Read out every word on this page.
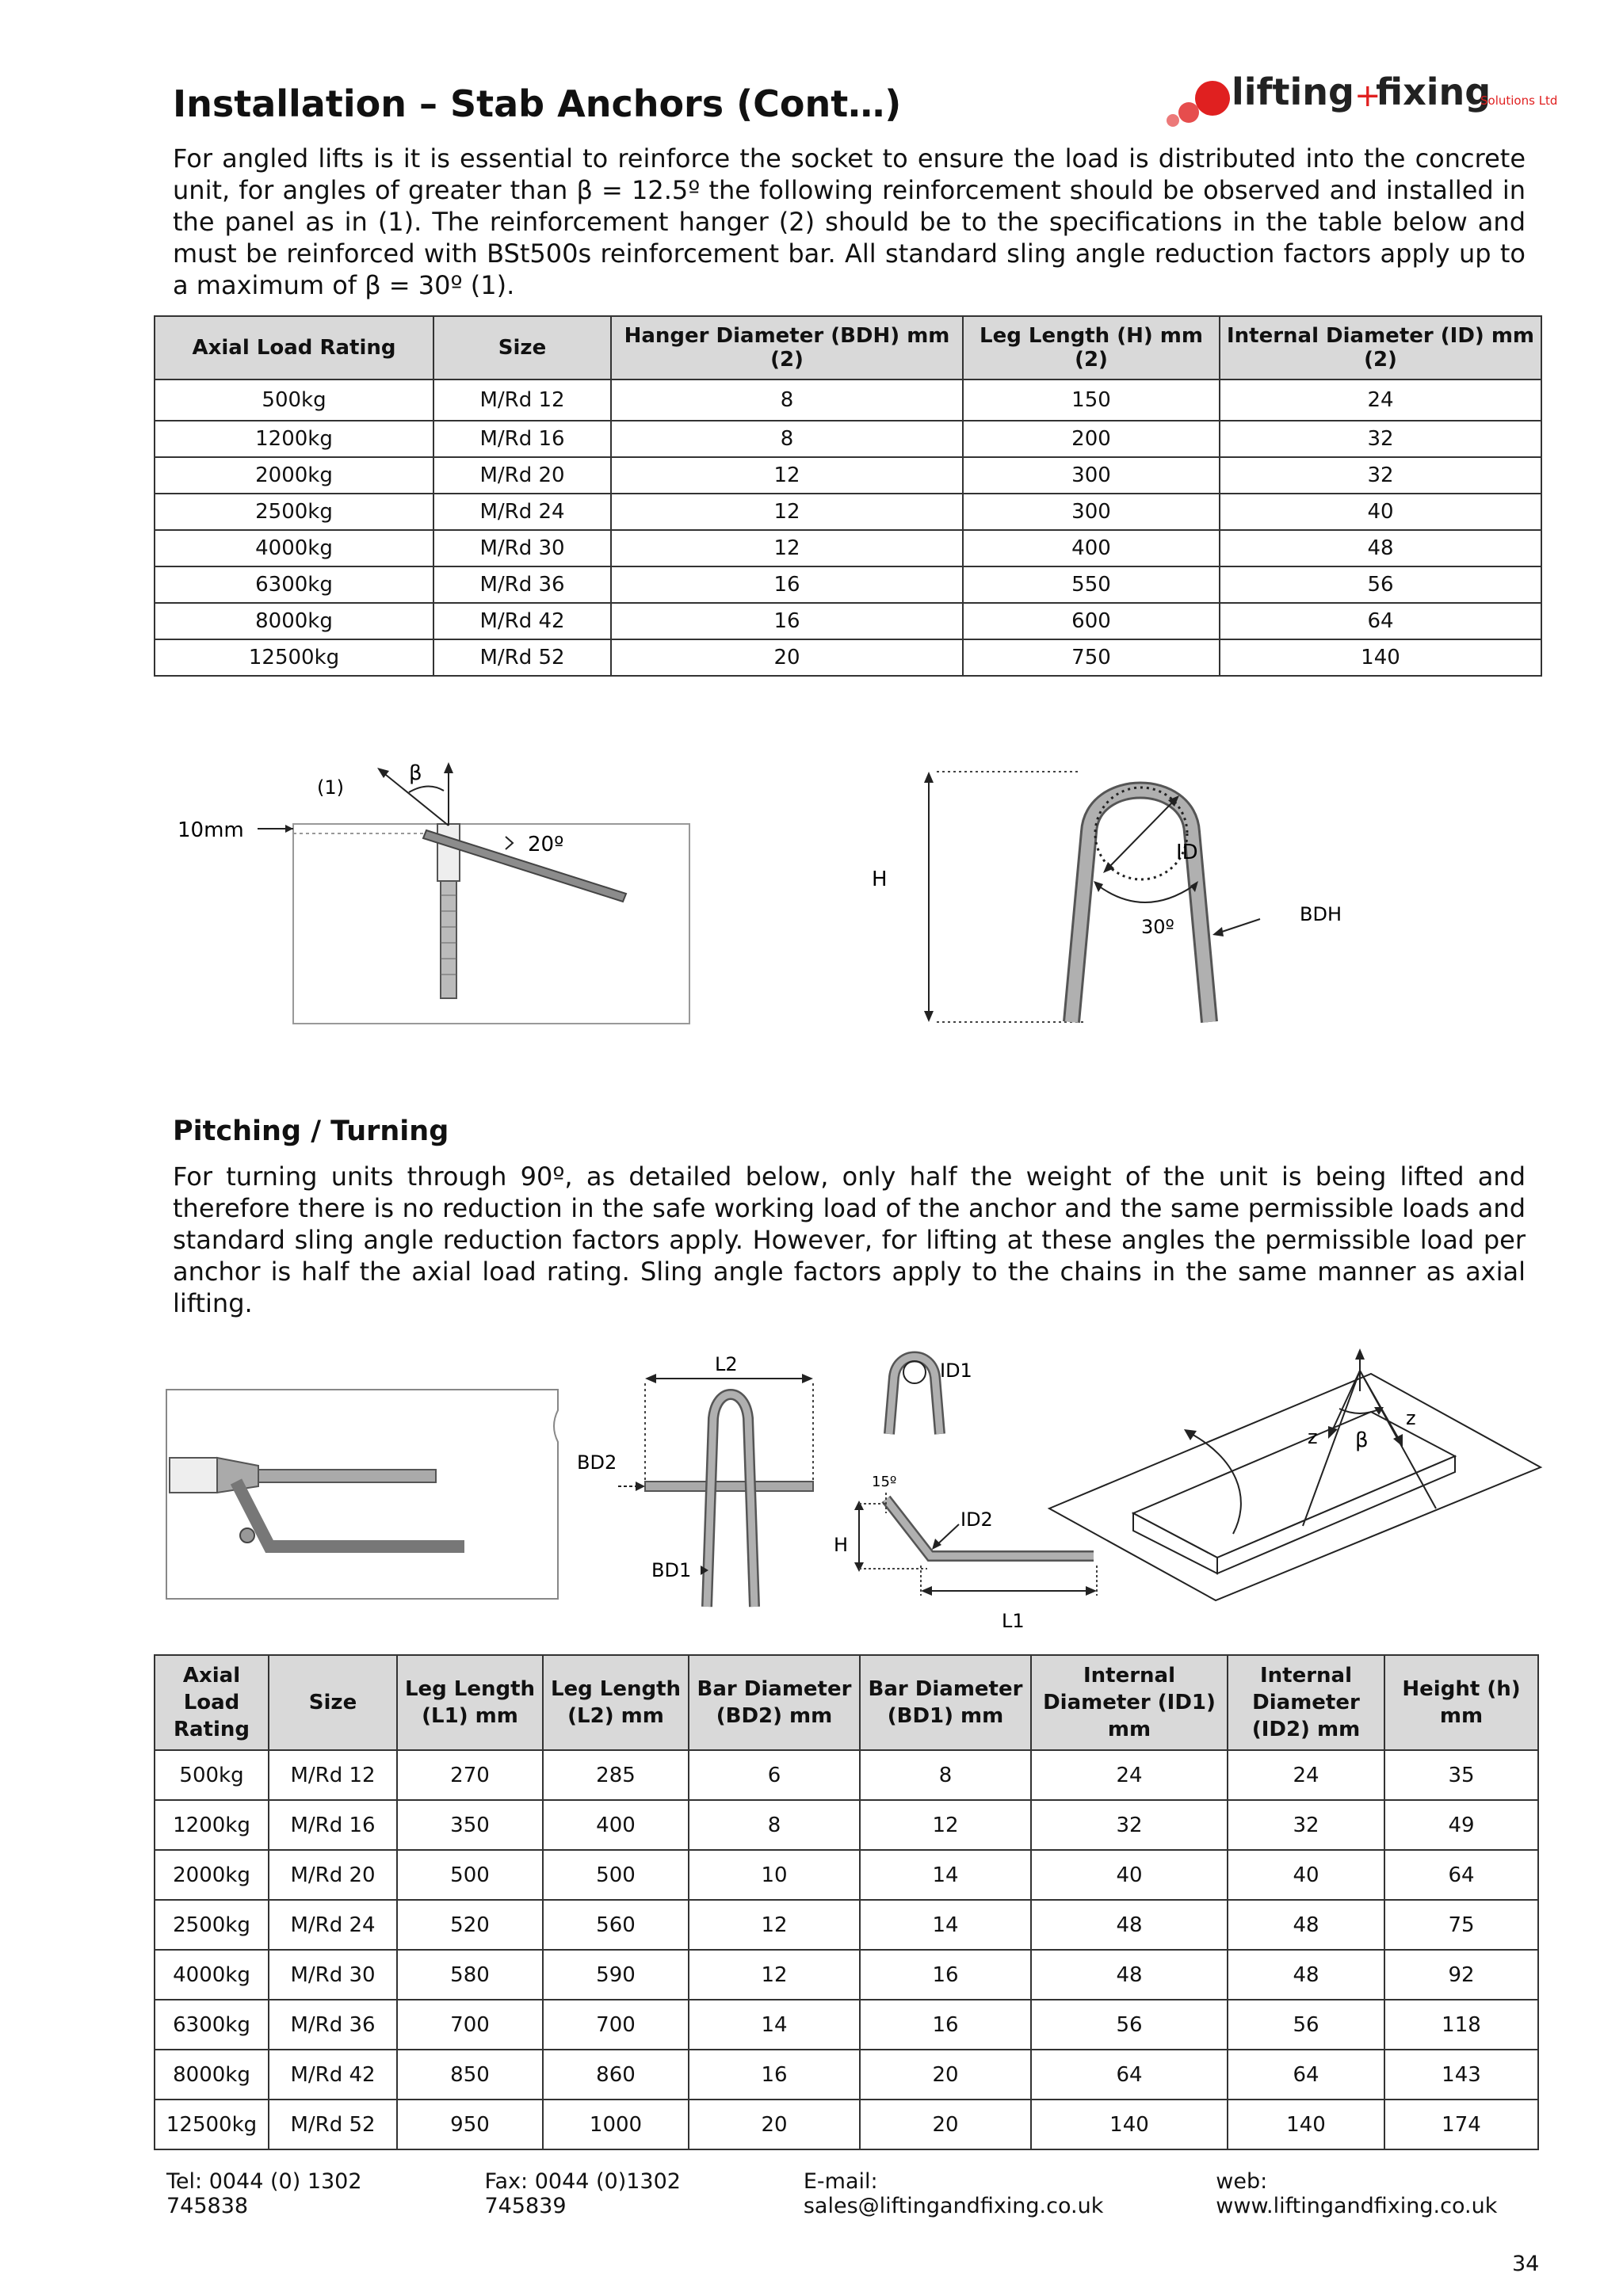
Installation – Stab Anchors (Cont…)	lifting +
fixing
Solutions Ltd

For angled lifts is it is essential to reinforce the socket to ensure the load is distributed into the concrete unit, for angles of greater than β = 12.5º the following reinforcement should be observed and installed in the panel as in (1). The reinforcement hanger (2) should be to the specifications in the table below and must be reinforced with BSt500s reinforcement bar. All standard sling angle reduction factors apply up to a maximum of β = 30º (1).

Axial Load Rating	Size	Hanger Diameter (BDH) mm (2)	Leg Length (H) mm (2)	Internal Diameter (ID) mm (2)
500kg	M/Rd 12	8	150	24
1200kg	M/Rd 16	8	200	32
2000kg	M/Rd 20	12	300	32
2500kg	M/Rd 24	12	300	40
4000kg	M/Rd 30	12	400	48
6300kg	M/Rd 36	16	550	56
8000kg	M/Rd 42	16	600	64
12500kg	M/Rd 52	20	750	140
10mm
β
(1)
20º
H
ID
30º
BDH
Pitching / Turning

For turning units through 90º, as detailed below, only half the weight of the unit is being lifted and therefore there is no reduction in the safe working load of the anchor and the same permissible loads and standard sling angle reduction factors apply. However, for lifting at these angles the permissible load per anchor is half the axial load rating. Sling angle factors apply to the chains in the same manner as axial lifting.

L2
BD2
BD1
ID1
15º
H
ID2
L1
z
z
β
Axial Load Rating	Size	Leg Length (L1) mm	Leg Length (L2) mm	Bar Diameter (BD2) mm	Bar Diameter (BD1) mm	Internal Diameter (ID1) mm	Internal Diameter (ID2) mm	Height (h) mm
500kg	M/Rd 12	270	285	6	8	24	24	35
1200kg	M/Rd 16	350	400	8	12	32	32	49
2000kg	M/Rd 20	500	500	10	14	40	40	64
2500kg	M/Rd 24	520	560	12	14	48	48	75
4000kg	M/Rd 30	580	590	12	16	48	48	92
6300kg	M/Rd 36	700	700	14	16	56	56	118
8000kg	M/Rd 42	850	860	16	20	64	64	143
12500kg	M/Rd 52	950	1000	20	20	140	140	174
Tel: 0044 (0) 1302 745838
Fax: 0044 (0)1302 745839
E-mail: sales@liftingandfixing.co.uk
web: www.liftingandfixing.co.uk
34
